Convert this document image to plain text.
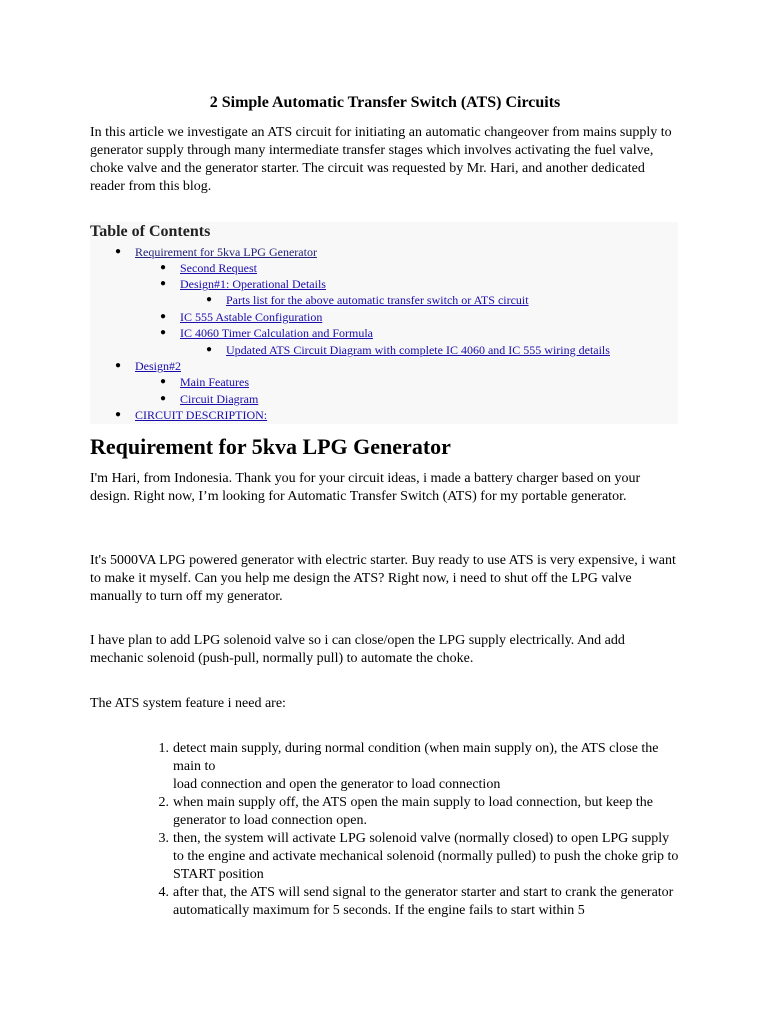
2 Simple Automatic Transfer Switch (ATS) Circuits

In this article we investigate an ATS circuit for initiating an automatic changeover from mains supply to generator supply through many intermediate transfer stages which involves activating the fuel valve, choke valve and the generator starter. The circuit was requested by Mr. Hari, and another dedicated reader from this blog.

Table of Contents
● Requirement for 5kva LPG Generator
● Second Request
● Design#1: Operational Details
● Parts list for the above automatic transfer switch or ATS circuit
● IC 555 Astable Configuration
● IC 4060 Timer Calculation and Formula
● Updated ATS Circuit Diagram with complete IC 4060 and IC 555 wiring details
● Design#2
● Main Features
● Circuit Diagram
● CIRCUIT DESCRIPTION:
Requirement for 5kva LPG Generator

I'm Hari, from Indonesia. Thank you for your circuit ideas, i made a battery charger based on your design. Right now, I’m looking for Automatic Transfer Switch (ATS) for my portable generator.

It's 5000VA LPG powered generator with electric starter. Buy ready to use ATS is very expensive, i want to make it myself. Can you help me design the ATS? Right now, i need to shut off the LPG valve manually to turn off my generator.

I have plan to add LPG solenoid valve so i can close/open the LPG supply electrically. And add mechanic solenoid (push-pull, normally pull) to automate the choke.

The ATS system feature i need are:

1. detect main supply, during normal condition (when main supply on), the ATS close the main to
load connection and open the generator to load connection
2. when main supply off, the ATS open the main supply to load connection, but keep the generator to load connection open.
3. then, the system will activate LPG solenoid valve (normally closed) to open LPG supply to the engine and activate mechanical solenoid (normally pulled) to push the choke grip to START position
4. after that, the ATS will send signal to the generator starter and start to crank the generator automatically maximum for 5 seconds. If the engine fails to start within 5
